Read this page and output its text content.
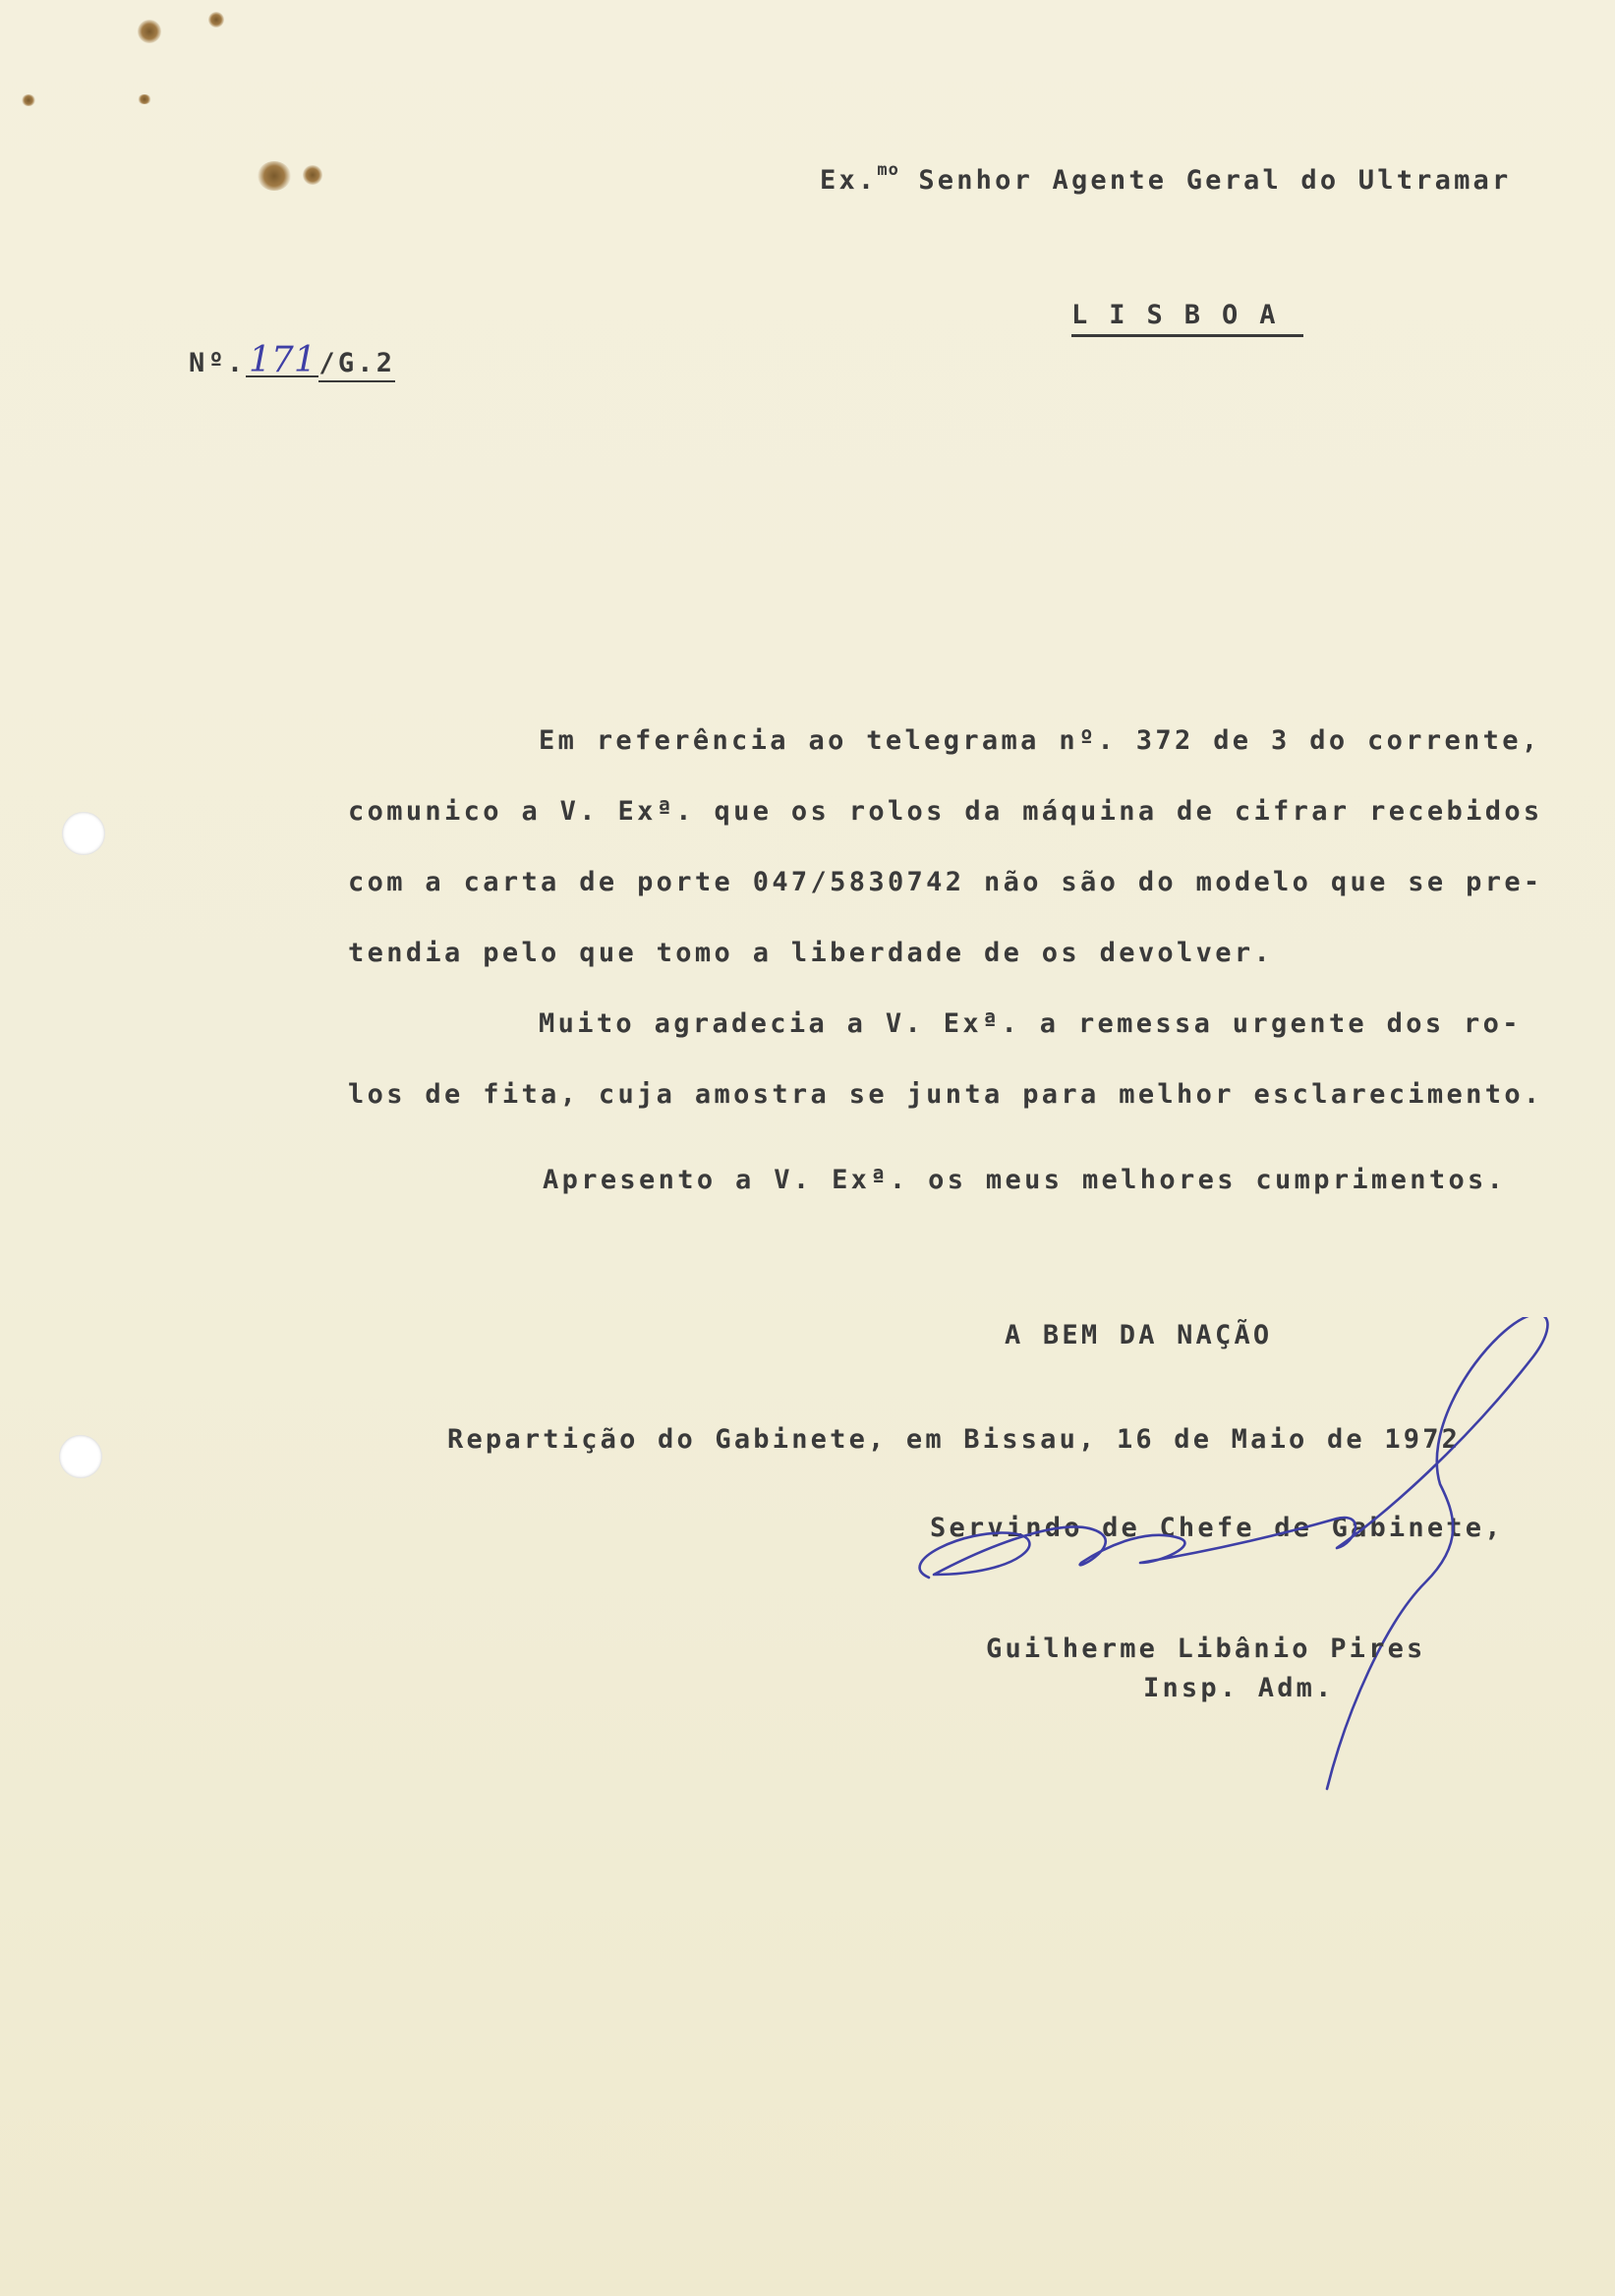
Ex.$^{mo}$ Senhor Agente Geral do Ultramar
LISBOA
Nº.171/G.2
Em referência ao telegrama nº. 372 de 3 do corrente,
comunico a V. Exª. que os rolos da máquina de cifrar recebidos
com a carta de porte 047/5830742 não são do modelo que se pre-
tendia pelo que tomo a liberdade de os devolver.
Muito agradecia a V. Exª. a remessa urgente dos ro-
los de fita, cuja amostra se junta para melhor esclarecimento.
Apresento a V. Exª. os meus melhores cumprimentos.
A BEM DA NAÇÃO
Repartição do Gabinete, em Bissau, 16 de Maio de 1972
Servindo de Chefe de Gabinete,
Guilherme Libânio Pires
Insp. Adm.
